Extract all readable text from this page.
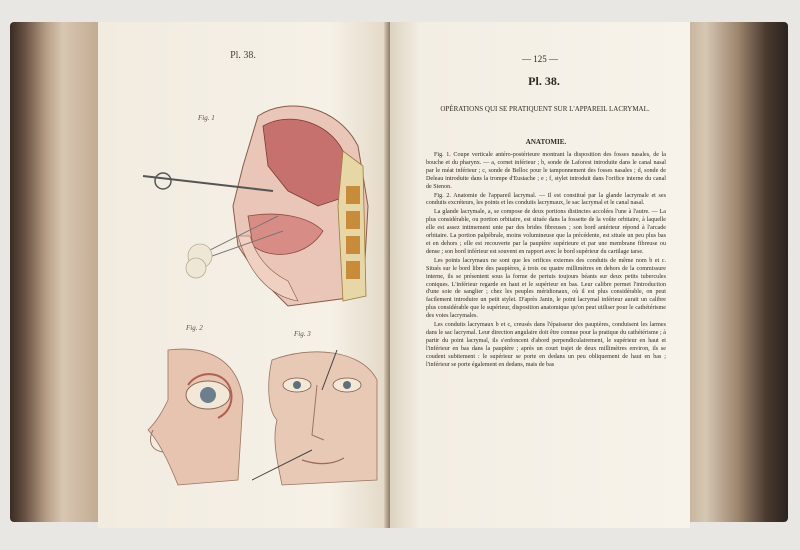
Pl. 38.
Fig. 1
Fig. 2
Fig. 3
— 125 —
Pl. 38.
OPÉRATIONS QUI SE PRATIQUENT SUR L'APPAREIL LACRYMAL.
ANATOMIE.

Fig. 1. Coupe verticale antéro-postérieure montrant la disposition des fosses nasales, de la bouche et du pharynx. — a, cornet inférieur ; b, sonde de Laforest introduite dans le canal nasal par le méat inférieur ; c, sonde de Belloc pour le tamponnement des fosses nasales ; d, sonde de Deleau introduite dans la trompe d'Eustache ; e ; f, stylet introduit dans l'orifice interne du canal de Stenon.

Fig. 2. Anatomie de l'appareil lacrymal. — Il est constitué par la glande lacrymale et ses conduits excréteurs, les points et les conduits lacrymaux, le sac lacrymal et le canal nasal.

La glande lacrymale, a, se compose de deux portions distinctes accolées l'une à l'autre. — La plus considérable, ou portion orbitaire, est située dans la fossette de la voûte orbitaire, à laquelle elle est assez intimement unie par des brides fibreuses ; son bord antérieur répond à l'arcade orbitaire. La portion palpébrale, moins volumineuse que la précédente, est située un peu plus bas et en dehors ; elle est recouverte par la paupière supérieure et par une membrane fibreuse ou dense ; son bord inférieur est souvent en rapport avec le bord supérieur du cartilage tarse.

Les points lacrymaux ne sont que les orifices externes des conduits de même nom b et c. Situés sur le bord libre des paupières, à trois ou quatre millimètres en dehors de la commissure interne, ils se présentent sous la forme de pertuis toujours béants sur deux petits tubercules coniques. L'inférieur regarde en haut et le supérieur en bas. Leur calibre permet l'introduction d'une soie de sanglier ; chez les peuples méridionaux, où il est plus considérable, on peut facilement introduire un petit stylet. D'après Janin, le point lacrymal inférieur aurait un calibre plus considérable que le supérieur, disposition anatomique qu'on peut utiliser pour le cathétérisme des voies lacrymales.

Les conduits lacrymaux b et c, creusés dans l'épaisseur des paupières, conduisent les larmes dans le sac lacrymal. Leur direction angulaire doit être connue pour la pratique du cathétérisme ; à partir du point lacrymal, ils s'enfoncent d'abord perpendiculairement, le supérieur en haut et l'inférieur en bas dans la paupière ; après un court trajet de deux millimètres environ, ils se coudent subitement : le supérieur se porte en dedans un peu obliquement de haut en bas ; l'inférieur se porte également en dedans, mais de bas
